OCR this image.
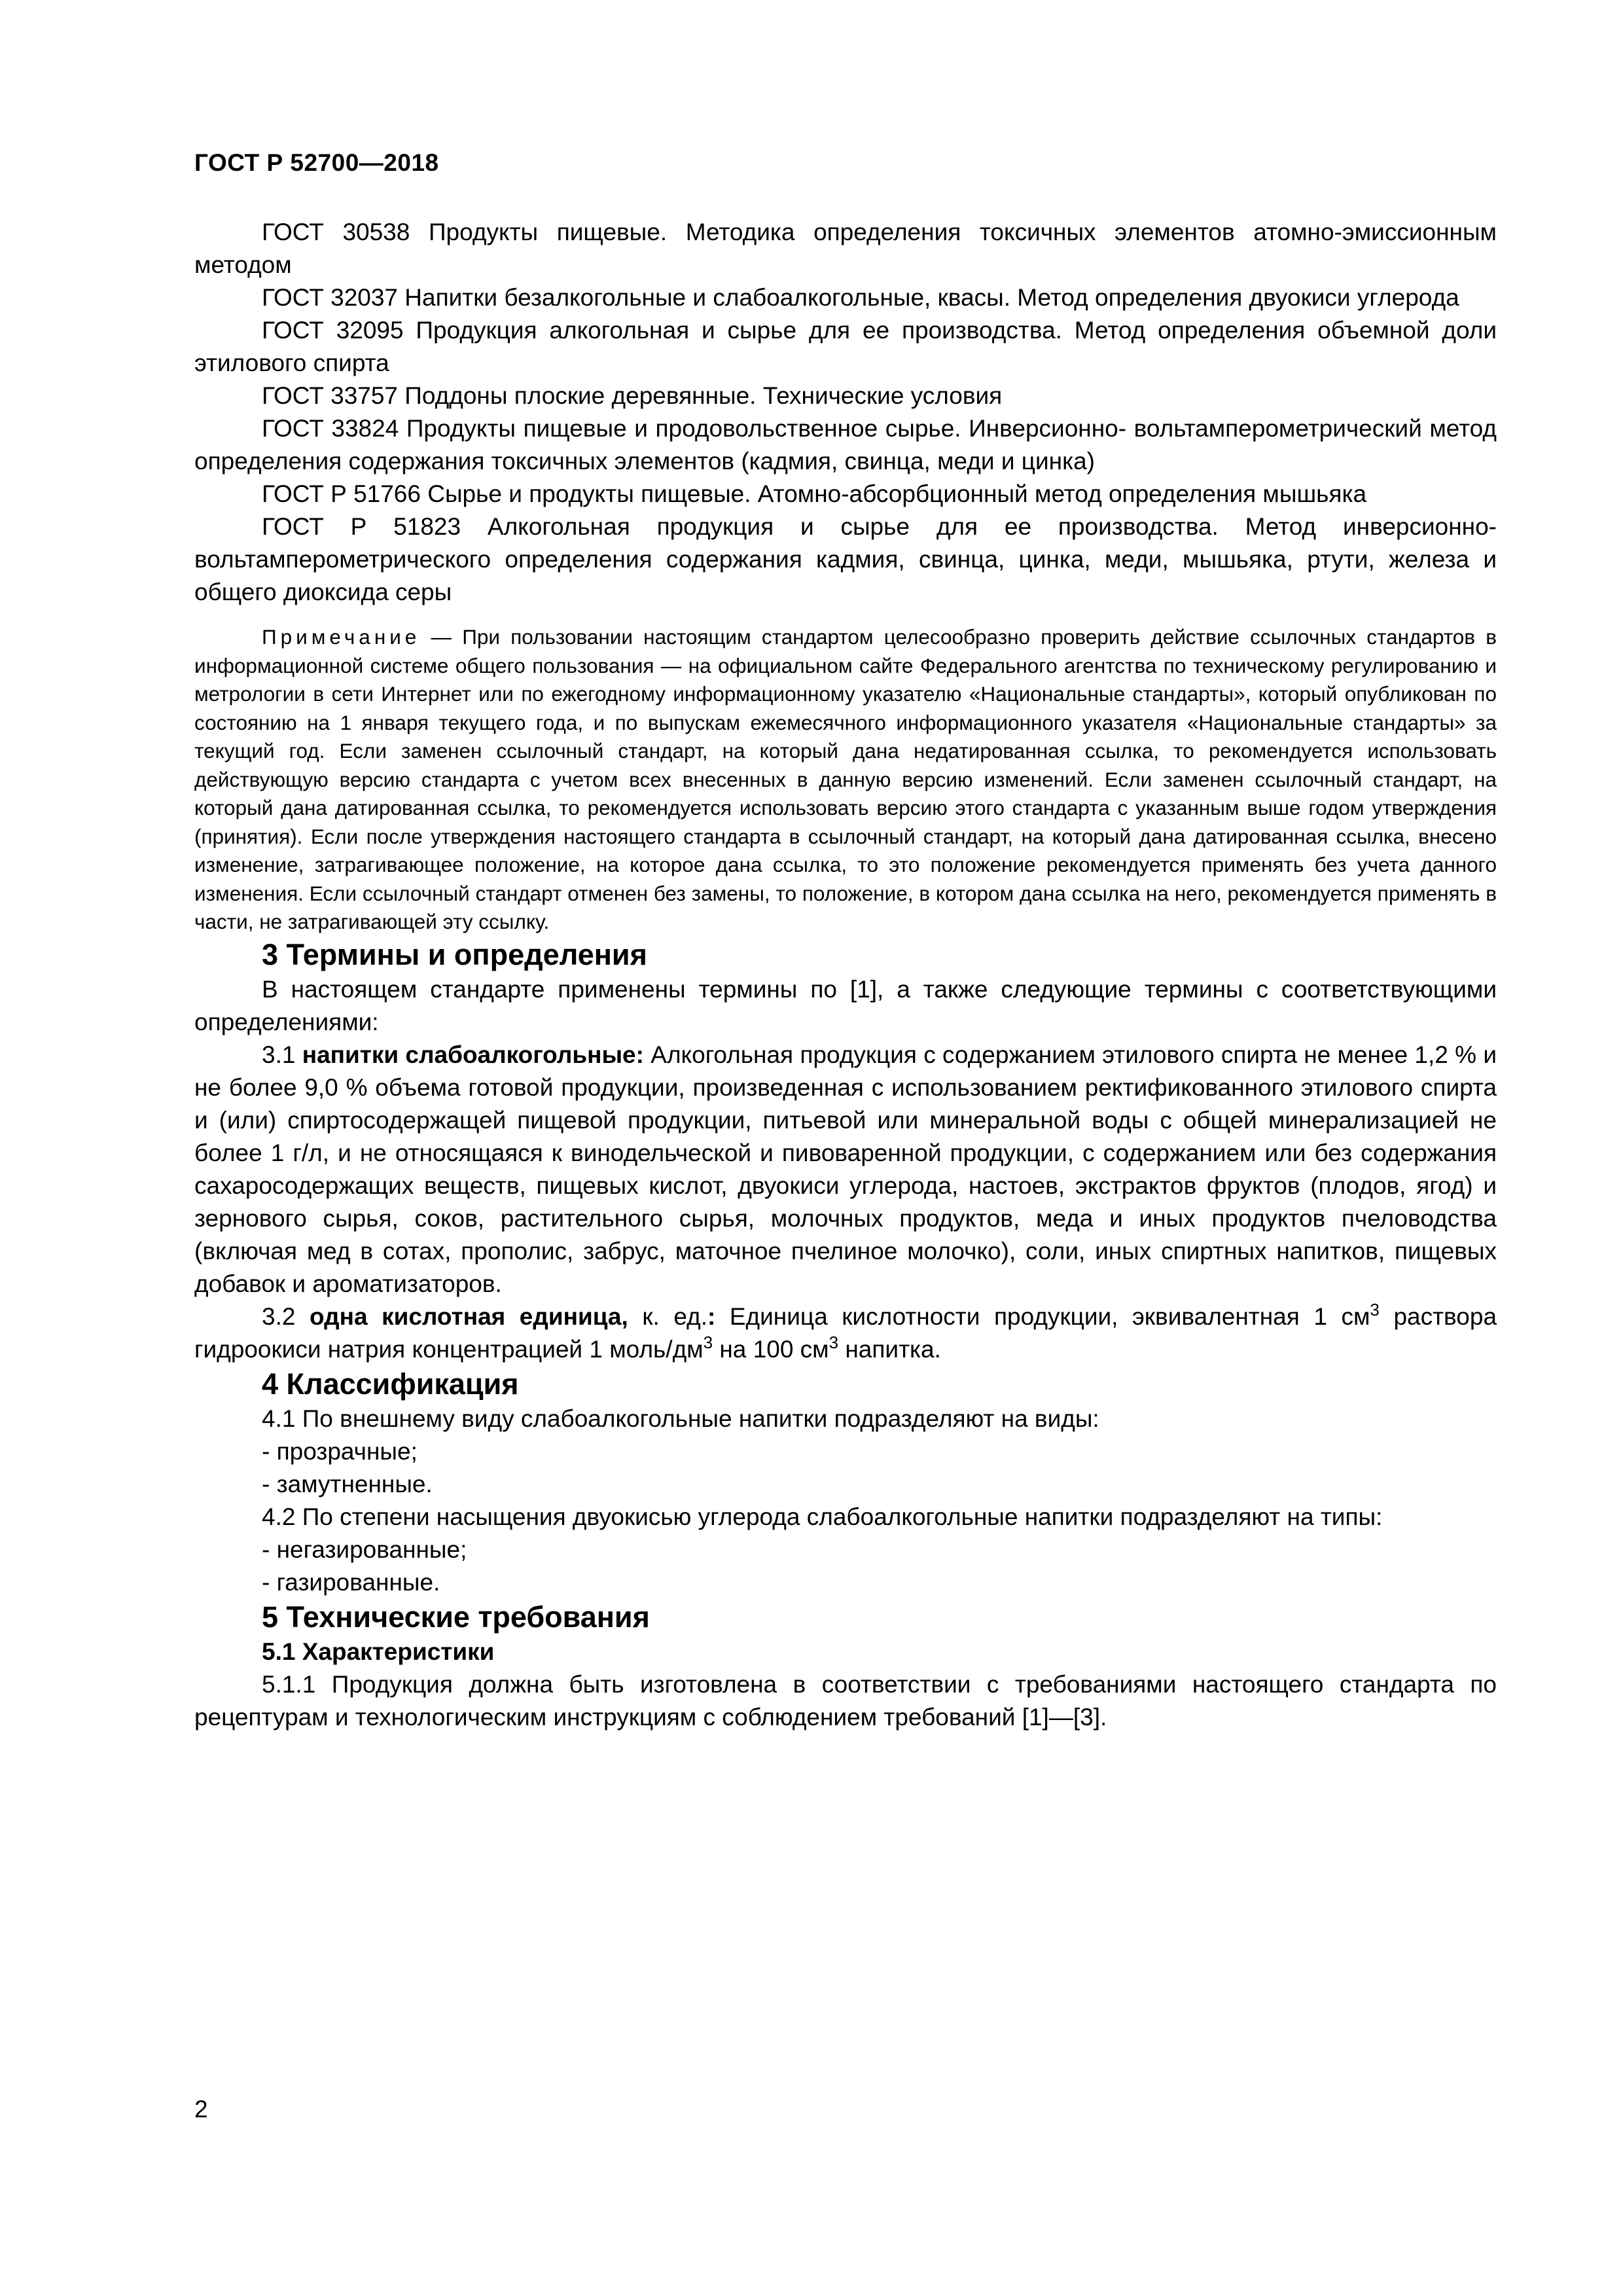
ГОСТ Р 52700—2018

ГОСТ 30538 Продукты пищевые. Методика определения токсичных элементов атомно-эмиссионным методом

ГОСТ 32037 Напитки безалкогольные и слабоалкогольные, квасы. Метод определения двуокиси углерода

ГОСТ 32095 Продукция алкогольная и сырье для ее производства. Метод определения объемной доли этилового спирта

ГОСТ 33757 Поддоны плоские деревянные. Технические условия

ГОСТ 33824 Продукты пищевые и продовольственное сырье. Инверсионно- вольтамперометрический метод определения содержания токсичных элементов (кадмия, свинца, меди и цинка)

ГОСТ Р 51766 Сырье и продукты пищевые. Атомно-абсорбционный метод определения мышьяка

ГОСТ Р 51823 Алкогольная продукция и сырье для ее производства. Метод инверсионно-вольтамперометрического определения содержания кадмия, свинца, цинка, меди, мышьяка, ртути, железа и общего диоксида серы

Примечание — При пользовании настоящим стандартом целесообразно проверить действие ссылочных стандартов в информационной системе общего пользования — на официальном сайте Федерального агентства по техническому регулированию и метрологии в сети Интернет или по ежегодному информационному указателю «Национальные стандарты», который опубликован по состоянию на 1 января текущего года, и по выпускам ежемесячного информационного указателя «Национальные стандарты» за текущий год. Если заменен ссылочный стандарт, на который дана недатированная ссылка, то рекомендуется использовать действующую версию стандарта с учетом всех внесенных в данную версию изменений. Если заменен ссылочный стандарт, на который дана датированная ссылка, то рекомендуется использовать версию этого стандарта с указанным выше годом утверждения (принятия). Если после утверждения настоящего стандарта в ссылочный стандарт, на который дана датированная ссылка, внесено изменение, затрагивающее положение, на которое дана ссылка, то это положение рекомендуется применять без учета данного изменения. Если ссылочный стандарт отменен без замены, то положение, в котором дана ссылка на него, рекомендуется применять в части, не затрагивающей эту ссылку.

3 Термины и определения

В настоящем стандарте применены термины по [1], а также следующие термины с соответствующими определениями:

3.1 напитки слабоалкогольные: Алкогольная продукция с содержанием этилового спирта не менее 1,2 % и не более 9,0 % объема готовой продукции, произведенная с использованием ректификованного этилового спирта и (или) спиртосодержащей пищевой продукции, питьевой или минеральной воды с общей минерализацией не более 1 г/л, и не относящаяся к винодельческой и пивоваренной продукции, с содержанием или без содержания сахаросодержащих веществ, пищевых кислот, двуокиси углерода, настоев, экстрактов фруктов (плодов, ягод) и зернового сырья, соков, растительного сырья, молочных продуктов, меда и иных продуктов пчеловодства (включая мед в сотах, прополис, забрус, маточное пчелиное молочко), соли, иных спиртных напитков, пищевых добавок и ароматизаторов.

3.2 одна кислотная единица, к. ед.: Единица кислотности продукции, эквивалентная 1 $см^3$ раствора гидроокиси натрия концентрацией 1 моль/$дм^3$ на 100 $см^3$ напитка.

4 Классификация

4.1 По внешнему виду слабоалкогольные напитки подразделяют на виды:

- прозрачные;
- замутненные.

4.2 По степени насыщения двуокисью углерода слабоалкогольные напитки подразделяют на типы:

- негазированные;
- газированные.
5 Технические требования
5.1 Характеристики

5.1.1 Продукция должна быть изготовлена в соответствии с требованиями настоящего стандарта по рецептурам и технологическим инструкциям с соблюдением требований [1]—[3].

2
